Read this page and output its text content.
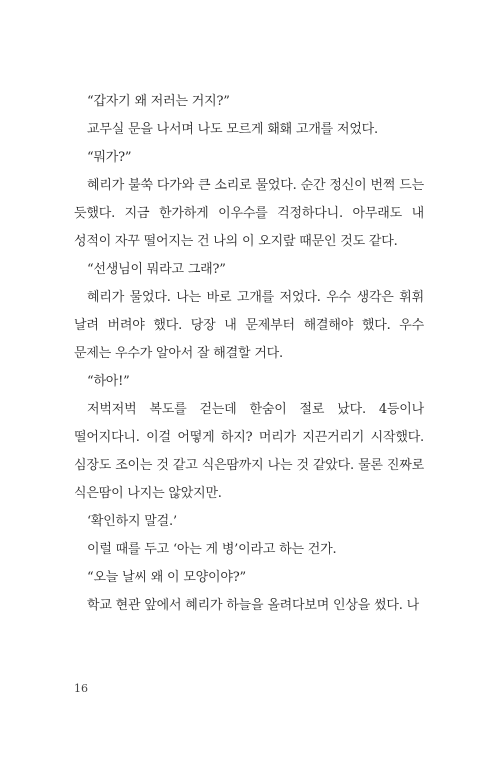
“갑자기 왜 저러는 거지?”

교무실 문을 나서며 나도 모르게 홰홰 고개를 저었다.

“뭐가?”

혜리가 불쑥 다가와 큰 소리로 물었다. 순간 정신이 번쩍 드는 듯했다. 지금 한가하게 이우수를 걱정하다니. 아무래도 내 성적이 자꾸 떨어지는 건 나의 이 오지랖 때문인 것도 같다.

“선생님이 뭐라고 그래?”

혜리가 물었다. 나는 바로 고개를 저었다. 우수 생각은 휘휘 날려 버려야 했다. 당장 내 문제부터 해결해야 했다. 우수 문제는 우수가 알아서 잘 해결할 거다.

“하아!”

저벅저벅 복도를 걷는데 한숨이 절로 났다. 4등이나 떨어지다니. 이걸 어떻게 하지? 머리가 지끈거리기 시작했다. 심장도 조이는 것 같고 식은땀까지 나는 것 같았다. 물론 진짜로 식은땀이 나지는 않았지만.

‘확인하지 말걸.’

이럴 때를 두고 ‘아는 게 병’이라고 하는 건가.

“오늘 날씨 왜 이 모양이야?”

학교 현관 앞에서 혜리가 하늘을 올려다보며 인상을 썼다. 나

16
